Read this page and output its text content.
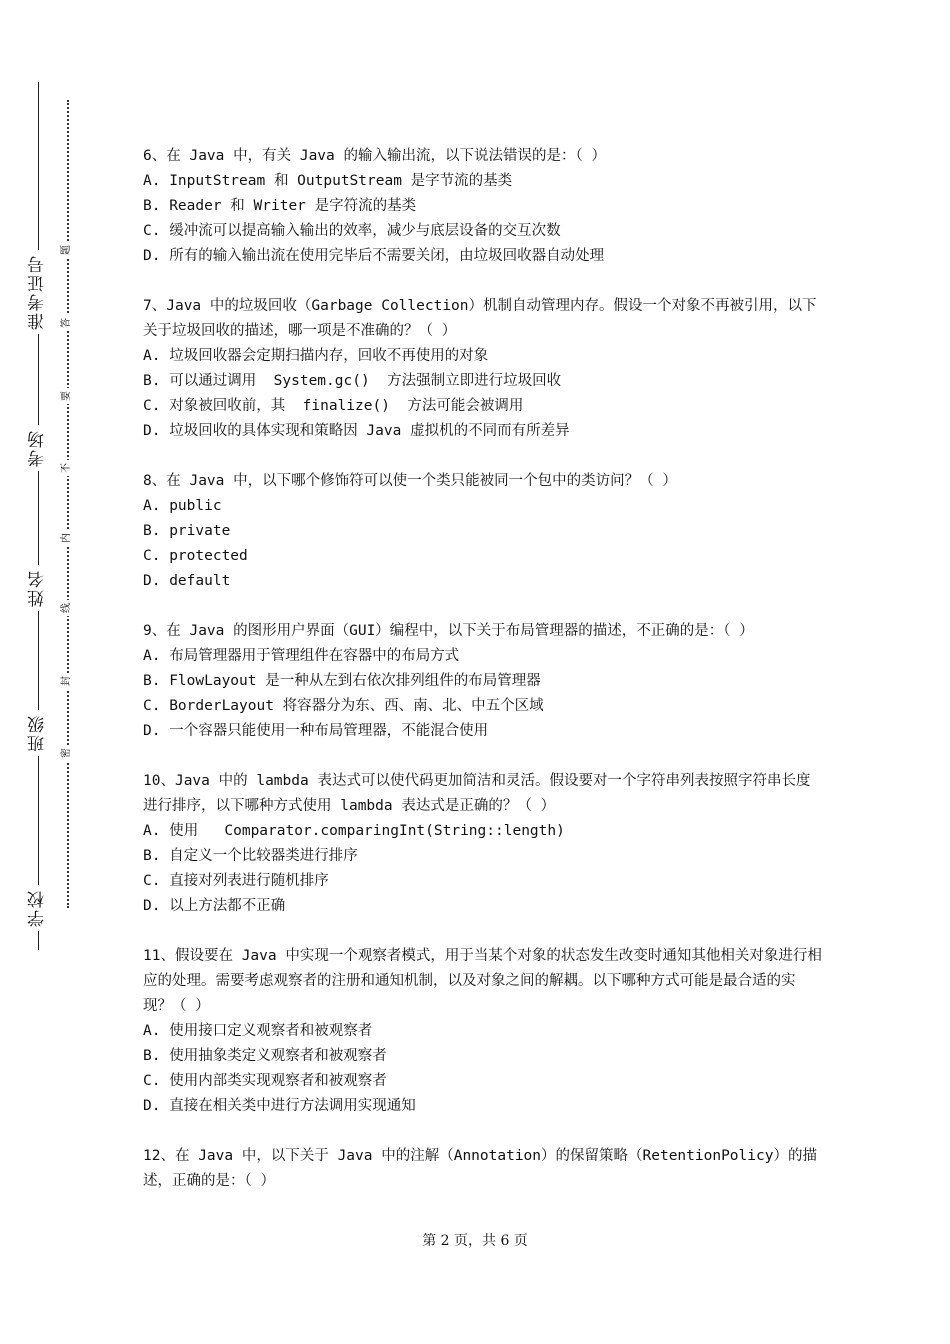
准考证号
考场
姓名
班级
学校
题
答
要
不
内
线
封
密
6、在 Java 中，有关 Java 的输入输出流，以下说法错误的是：（ ）
A. InputStream 和 OutputStream 是字节流的基类
B. Reader 和 Writer 是字符流的基类
C. 缓冲流可以提高输入输出的效率，减少与底层设备的交互次数
D. 所有的输入输出流在使用完毕后不需要关闭，由垃圾回收器自动处理
7、Java 中的垃圾回收（Garbage Collection）机制自动管理内存。假设一个对象不再被引用，以下关于垃圾回收的描述，哪一项是不准确的？（ ）
A. 垃圾回收器会定期扫描内存，回收不再使用的对象
B. 可以通过调用  System.gc()  方法强制立即进行垃圾回收
C. 对象被回收前，其  finalize()  方法可能会被调用
D. 垃圾回收的具体实现和策略因 Java 虚拟机的不同而有所差异
8、在 Java 中，以下哪个修饰符可以使一个类只能被同一个包中的类访问？（ ）
A. public
B. private
C. protected
D. default
9、在 Java 的图形用户界面（GUI）编程中，以下关于布局管理器的描述，不正确的是：（ ）
A. 布局管理器用于管理组件在容器中的布局方式
B. FlowLayout 是一种从左到右依次排列组件的布局管理器
C. BorderLayout 将容器分为东、西、南、北、中五个区域
D. 一个容器只能使用一种布局管理器，不能混合使用
10、Java 中的 lambda 表达式可以使代码更加简洁和灵活。假设要对一个字符串列表按照字符串长度进行排序，以下哪种方式使用 lambda 表达式是正确的？（ ）
A. 使用   Comparator.comparingInt(String::length)
B. 自定义一个比较器类进行排序
C. 直接对列表进行随机排序
D. 以上方法都不正确
11、假设要在 Java 中实现一个观察者模式，用于当某个对象的状态发生改变时通知其他相关对象进行相应的处理。需要考虑观察者的注册和通知机制，以及对象之间的解耦。以下哪种方式可能是最合适的实现？（ ）
A. 使用接口定义观察者和被观察者
B. 使用抽象类定义观察者和被观察者
C. 使用内部类实现观察者和被观察者
D. 直接在相关类中进行方法调用实现通知
12、在 Java 中，以下关于 Java 中的注解（Annotation）的保留策略（RetentionPolicy）的描述，正确的是：（ ）
第 2 页，共 6 页
